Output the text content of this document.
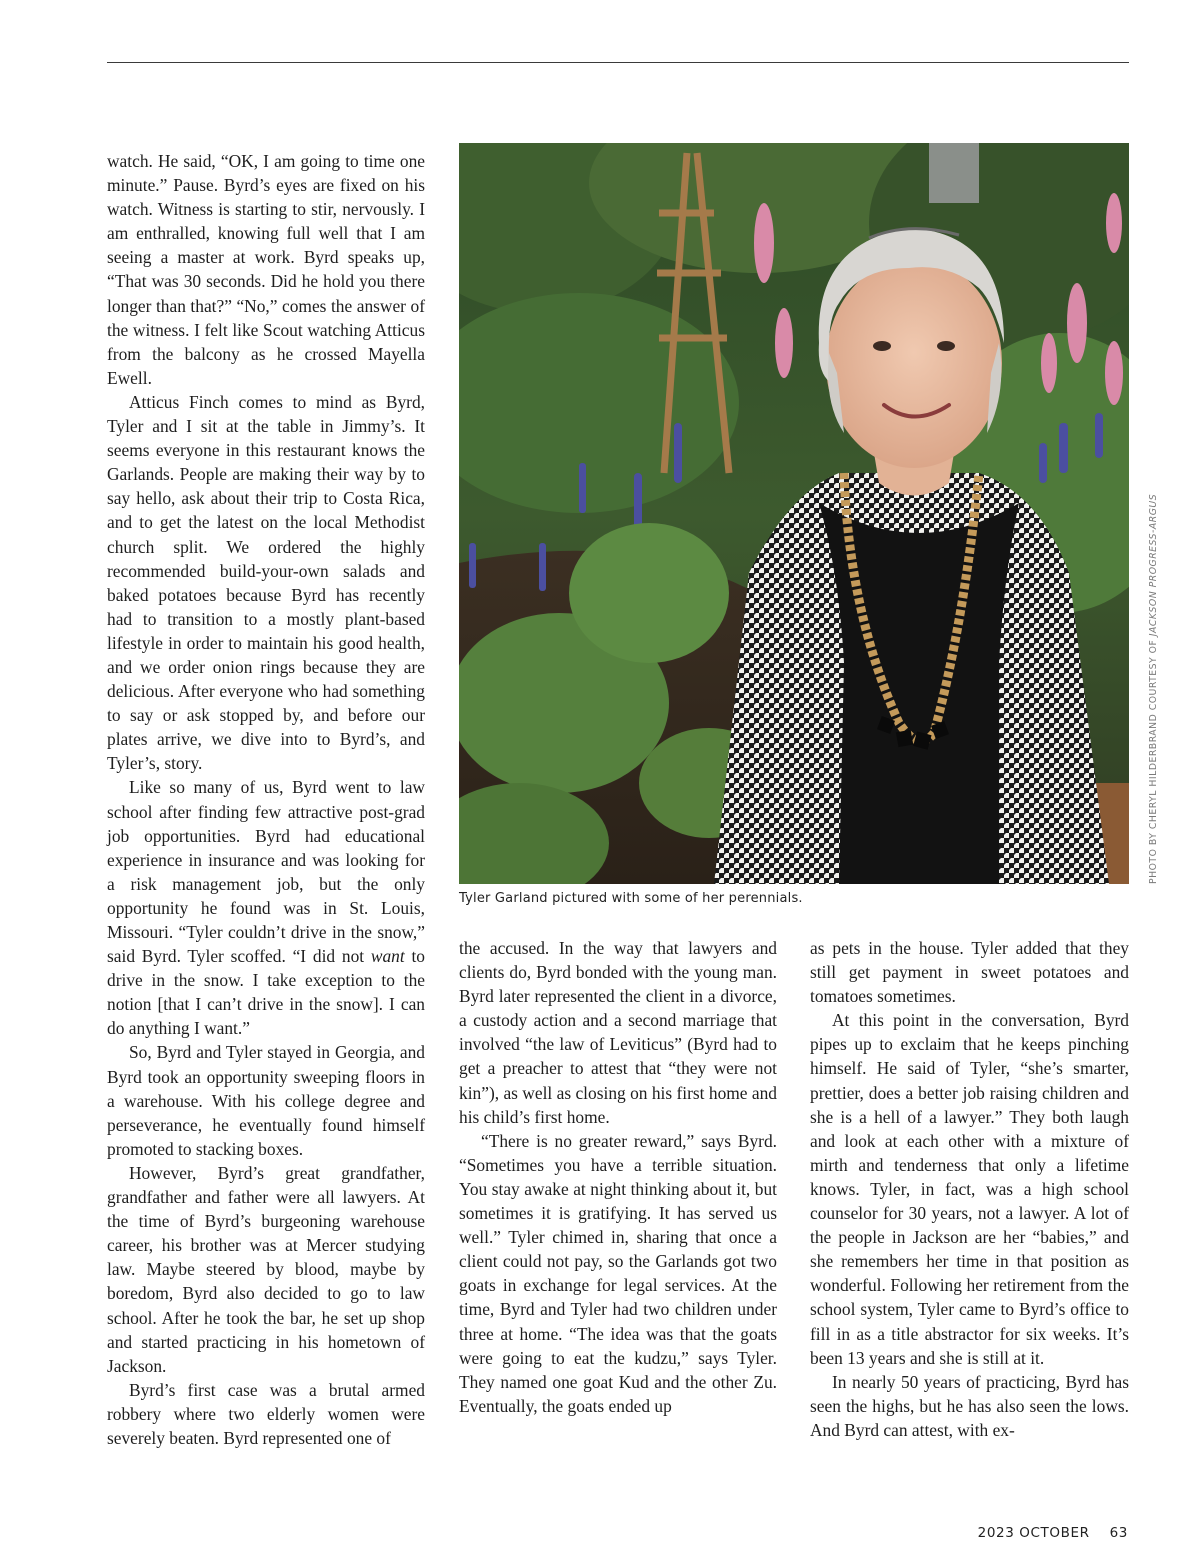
watch. He said, “OK, I am going to time one minute.” Pause. Byrd’s eyes are fixed on his watch. Witness is starting to stir, nervously. I am enthralled, knowing full well that I am seeing a master at work. Byrd speaks up, “That was 30 seconds. Did he hold you there longer than that?” “No,” comes the answer of the witness. I felt like Scout watching Atticus from the balcony as he crossed Mayella Ewell.

Atticus Finch comes to mind as Byrd, Tyler and I sit at the table in Jimmy’s. It seems everyone in this restaurant knows the Garlands. People are making their way by to say hello, ask about their trip to Costa Rica, and to get the latest on the local Methodist church split. We ordered the highly recommended build-your-own salads and baked potatoes because Byrd has recently had to transition to a mostly plant-based lifestyle in order to maintain his good health, and we order onion rings because they are delicious. After everyone who had something to say or ask stopped by, and before our plates arrive, we dive into to Byrd’s, and Tyler’s, story.

Like so many of us, Byrd went to law school after finding few attractive post-grad job opportunities. Byrd had educational experience in insurance and was looking for a risk management job, but the only opportunity he found was in St. Louis, Missouri. “Tyler couldn’t drive in the snow,” said Byrd. Tyler scoffed. “I did not want to drive in the snow. I take exception to the notion [that I can’t drive in the snow]. I can do anything I want.”

So, Byrd and Tyler stayed in Georgia, and Byrd took an opportunity sweeping floors in a warehouse. With his college degree and perseverance, he eventually found himself promoted to stacking boxes.

However, Byrd’s great grandfather, grandfather and father were all lawyers. At the time of Byrd’s burgeoning warehouse career, his brother was at Mercer studying law. Maybe steered by blood, maybe by boredom, Byrd also decided to go to law school. After he took the bar, he set up shop and started practicing in his hometown of Jackson.

Byrd’s first case was a brutal armed robbery where two elderly women were severely beaten. Byrd represented one of

Tyler Garland pictured with some of her perennials.
PHOTO BY CHERYL HILDERBRAND COURTESY OF JACKSON PROGRESS-ARGUS

the accused. In the way that lawyers and clients do, Byrd bonded with the young man. Byrd later represented the client in a divorce, a custody action and a second marriage that involved “the law of Leviticus” (Byrd had to get a preacher to attest that “they were not kin”), as well as closing on his first home and his child’s first home.

“There is no greater reward,” says Byrd. “Sometimes you have a terrible situation. You stay awake at night thinking about it, but sometimes it is gratifying. It has served us well.” Tyler chimed in, sharing that once a client could not pay, so the Garlands got two goats in exchange for legal services. At the time, Byrd and Tyler had two children under three at home. “The idea was that the goats were going to eat the kudzu,” says Tyler. They named one goat Kud and the other Zu. Eventually, the goats ended up

as pets in the house. Tyler added that they still get payment in sweet potatoes and tomatoes sometimes.

At this point in the conversation, Byrd pipes up to exclaim that he keeps pinching himself. He said of Tyler, “she’s smarter, prettier, does a better job raising children and she is a hell of a lawyer.” They both laugh and look at each other with a mixture of mirth and tenderness that only a lifetime knows. Tyler, in fact, was a high school counselor for 30 years, not a lawyer. A lot of the people in Jackson are her “babies,” and she remembers her time in that position as wonderful. Following her retirement from the school system, Tyler came to Byrd’s office to fill in as a title abstractor for six weeks. It’s been 13 years and she is still at it.

In nearly 50 years of practicing, Byrd has seen the highs, but he has also seen the lows. And Byrd can attest, with ex-

2023 OCTOBER 63
